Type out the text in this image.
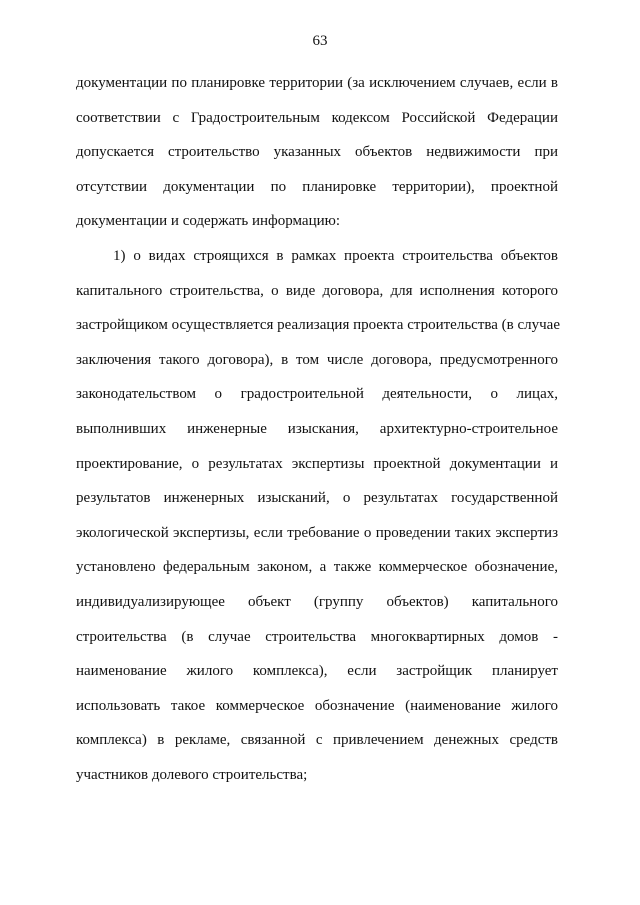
63
документации по планировке территории (за исключением случаев, если в
соответствии с Градостроительным кодексом Российской Федерации
допускается строительство указанных объектов недвижимости при
отсутствии документации по планировке территории), проектной
документации и содержать информацию:
1) о видах строящихся в рамках проекта строительства объектов
капитального строительства, о виде договора, для исполнения которого
застройщиком осуществляется реализация проекта строительства (в случае
заключения такого договора), в том числе договора, предусмотренного
законодательством о градостроительной деятельности, о лицах,
выполнивших инженерные изыскания, архитектурно-строительное
проектирование, о результатах экспертизы проектной документации и
результатов инженерных изысканий, о результатах государственной
экологической экспертизы, если требование о проведении таких экспертиз
установлено федеральным законом, а также коммерческое обозначение,
индивидуализирующее объект (группу объектов) капитального
строительства (в случае строительства многоквартирных домов -
наименование жилого комплекса), если застройщик планирует
использовать такое коммерческое обозначение (наименование жилого
комплекса) в рекламе, связанной с привлечением денежных средств
участников долевого строительства;
